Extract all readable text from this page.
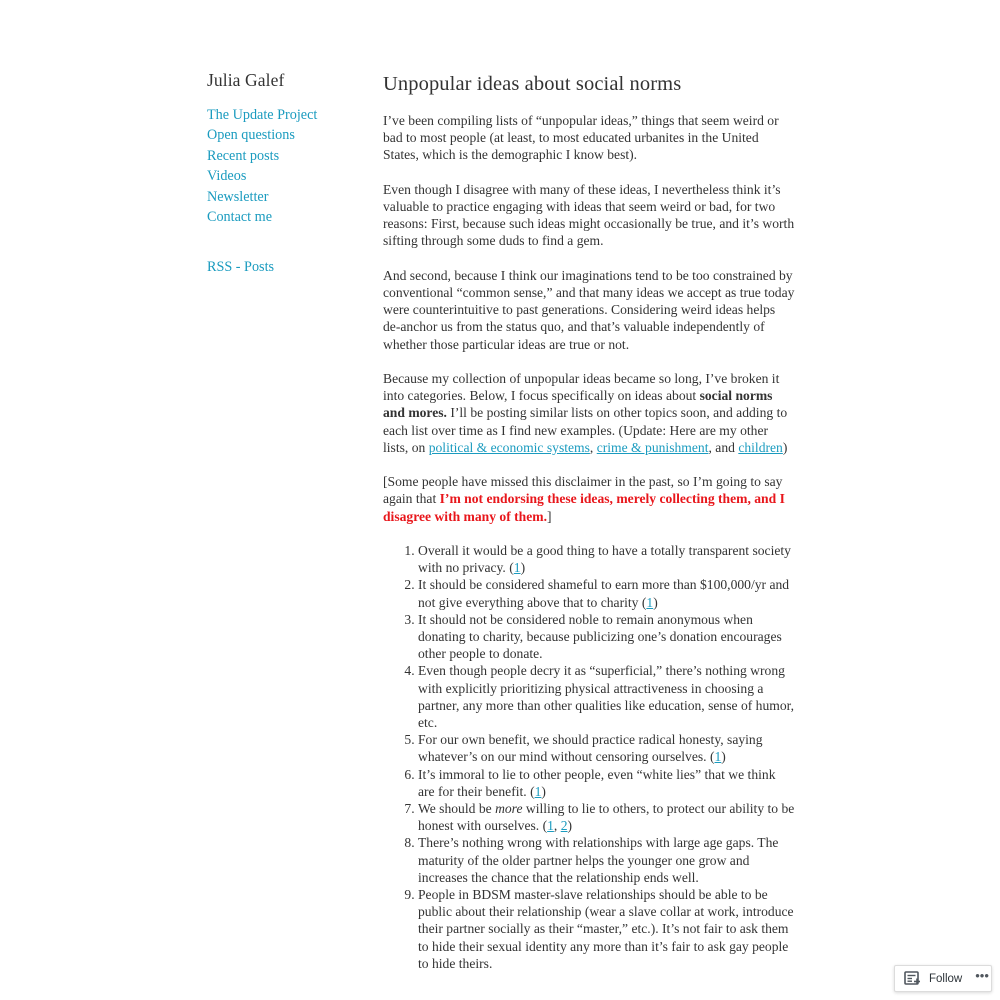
Julia Galef
The Update Project
Open questions
Recent posts
Videos
Newsletter
Contact me
RSS - Posts
Unpopular ideas about social norms

I’ve been compiling lists of “unpopular ideas,” things that seem weird or bad to most people (at least, to most educated urbanites in the United States, which is the demographic I know best).

Even though I disagree with many of these ideas, I nevertheless think it’s valuable to practice engaging with ideas that seem weird or bad, for two reasons: First, because such ideas might occasionally be true, and it’s worth sifting through some duds to find a gem.

And second, because I think our imaginations tend to be too constrained by conventional “common sense,” and that many ideas we accept as true today were counterintuitive to past generations. Considering weird ideas helps de-anchor us from the status quo, and that’s valuable independently of whether those particular ideas are true or not.

Because my collection of unpopular ideas became so long, I’ve broken it into categories. Below, I focus specifically on ideas about social norms and mores. I’ll be posting similar lists on other topics soon, and adding to each list over time as I find new examples. (Update: Here are my other lists, on political & economic systems, crime & punishment, and children)

[Some people have missed this disclaimer in the past, so I’m going to say again that I’m not endorsing these ideas, merely collecting them, and I disagree with many of them.]

1. Overall it would be a good thing to have a totally transparent society with no privacy. (1)
2. It should be considered shameful to earn more than $100,000/yr and not give everything above that to charity (1)
3. It should not be considered noble to remain anonymous when donating to charity, because publicizing one’s donation encourages other people to donate.
4. Even though people decry it as “superficial,” there’s nothing wrong with explicitly prioritizing physical attractiveness in choosing a partner, any more than other qualities like education, sense of humor, etc.
5. For our own benefit, we should practice radical honesty, saying whatever’s on our mind without censoring ourselves. (1)
6. It’s immoral to lie to other people, even “white lies” that we think are for their benefit. (1)
7. We should be more willing to lie to others, to protect our ability to be honest with ourselves. (1, 2)
8. There’s nothing wrong with relationships with large age gaps. The maturity of the older partner helps the younger one grow and increases the chance that the relationship ends well.
9. People in BDSM master-slave relationships should be able to be public about their relationship (wear a slave collar at work, introduce their partner socially as their “master,” etc.). It’s not fair to ask them to hide their sexual identity any more than it’s fair to ask gay people to hide theirs.
Follow •••
